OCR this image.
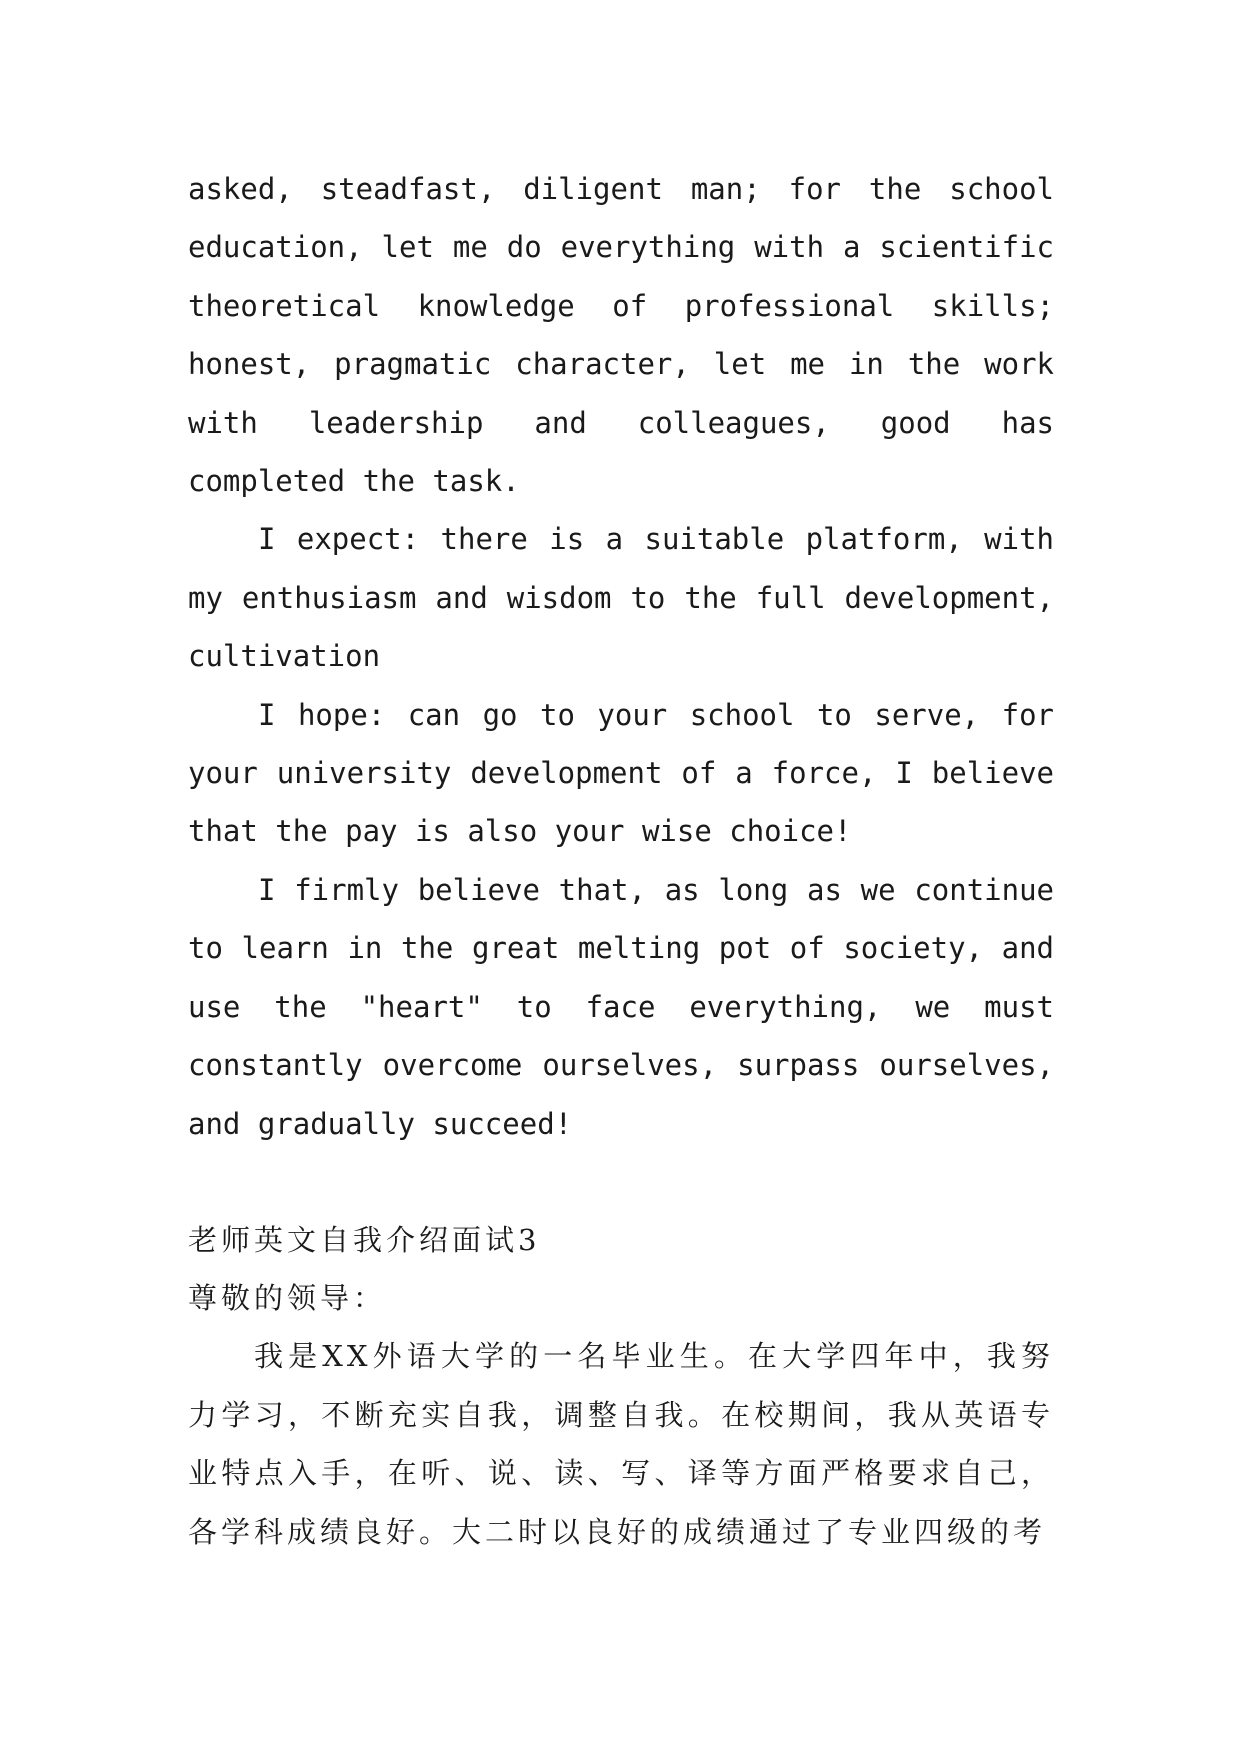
asked, steadfast, diligent man; for the school education, let me do everything with a scientific theoretical knowledge of professional skills; honest, pragmatic character, let me in the work with leadership and colleagues, good has completed the task.

I expect: there is a suitable platform, with my enthusiasm and wisdom to the full development, cultivation

I hope: can go to your school to serve, for your university development of a force, I believe that the pay is also your wise choice!

I firmly believe that, as long as we continue to learn in the great melting pot of society, and use the "heart" to face everything, we must constantly overcome ourselves, surpass ourselves, and gradually succeed!

老师英文自我介绍面试3

尊敬的领导：

我是XX外语大学的一名毕业生。在大学四年中，我努力学习，不断充实自我，调整自我。在校期间，我从英语专业特点入手，在听、说、读、写、译等方面严格要求自己，各学科成绩良好。大二时以良好的成绩通过了专业四级的考
